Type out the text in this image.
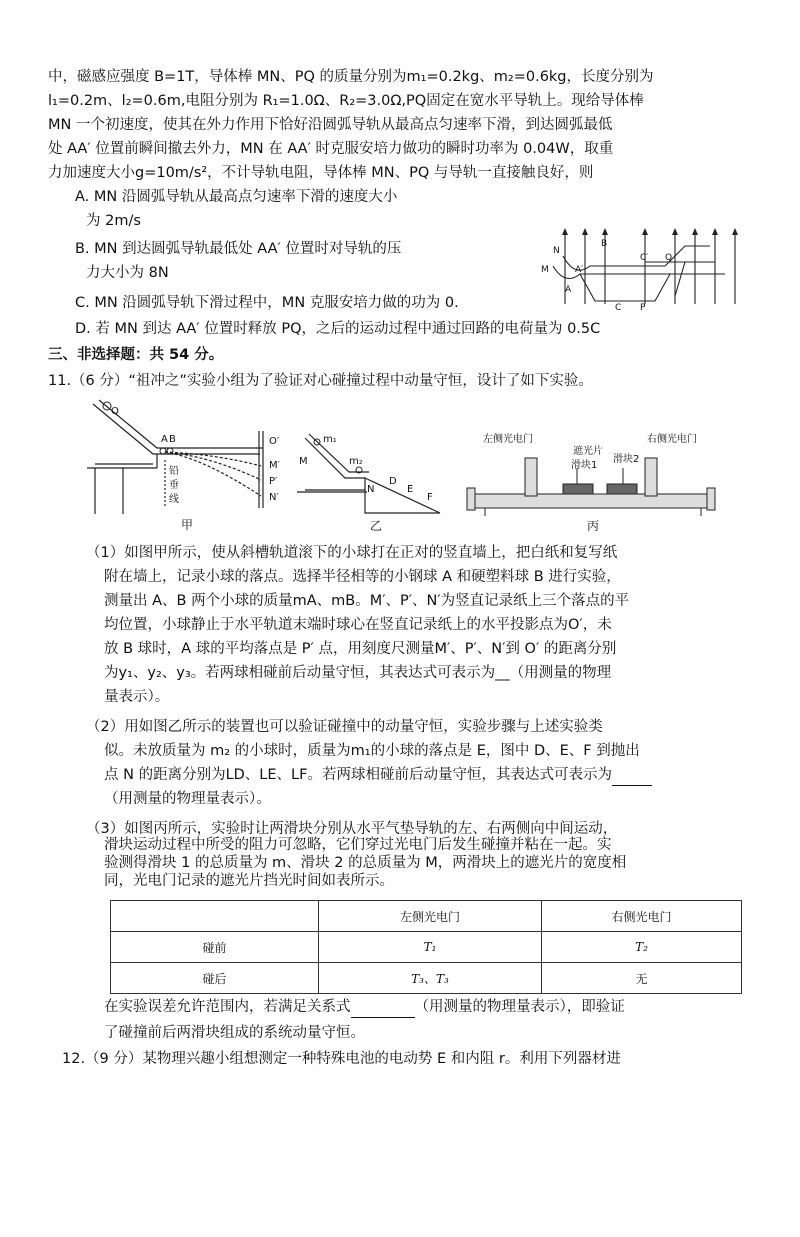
中，磁感应强度 B=1T，导体棒 MN、PQ 的质量分别为m₁=0.2kg、m₂=0.6kg，长度分别为
l₁=0.2m、l₂=0.6m,电阻分别为 R₁=1.0Ω、R₂=3.0Ω,PQ固定在宽水平导轨上。现给导体棒
MN 一个初速度，使其在外力作用下恰好沿圆弧导轨从最高点匀速率下滑，到达圆弧最低
处 AA′ 位置前瞬间撤去外力，MN 在 AA′ 时克服安培力做功的瞬时功率为 0.04W，取重
力加速度大小g=10m/s²，不计导轨电阻，导体棒 MN、PQ 与导轨一直接触良好，则
A. MN 沿圆弧导轨从最高点匀速率下滑的速度大小
为 2m/s
B. MN 到达圆弧导轨最低处 AA′ 位置时对导轨的压
力大小为 8N
C. MN 沿圆弧导轨下滑过程中，MN 克服安培力做的功为 0.
D. 若 MN 到达 AA′ 位置时释放 PQ，之后的运动过程中通过回路的电荷量为 0.5C
N
B
M	A′
A
C′ Q
C P
三、非选择题：共 54 分。
11.（6 分）“祖冲之”实验小组为了验证对心碰撞过程中动量守恒，设计了如下实验。
Q
A B	O′
M′
P′
N′
铅
垂
线
甲
m₁
M	m₂
N
D
E
F
乙
左侧光电门
遮光片
右侧光电门
滑块1
滑块2
丙
（1）如图甲所示，使从斜槽轨道滚下的小球打在正对的竖直墙上，把白纸和复写纸
附在墙上，记录小球的落点。选择半径相等的小钢球 A 和硬塑料球 B 进行实验，
测量出 A、B 两个小球的质量mA、mB。M′、P′、N′为竖直记录纸上三个落点的平
均位置，小球静止于水平轨道末端时球心在竖直记录纸上的水平投影点为O′，未
放 B 球时，A 球的平均落点是 P′ 点，用刻度尺测量M′、P′、N′到 O′ 的距离分别
为y₁、y₂、y₃。若两球相碰前后动量守恒，其表达式可表示为__（用测量的物理
量表示）。
（2）用如图乙所示的装置也可以验证碰撞中的动量守恒，实验步骤与上述实验类
似。未放质量为 m₂ 的小球时，质量为m₁的小球的落点是 E，图中 D、E、F 到抛出
点 N 的距离分别为LD、LE、LF。若两球相碰前后动量守恒，其表达式可表示为
（用测量的物理量表示）。
（3）如图丙所示，实验时让两滑块分别从水平气垫导轨的左、右两侧向中间运动，
滑块运动过程中所受的阻力可忽略，它们穿过光电门后发生碰撞并粘在一起。实
验测得滑块 1 的总质量为 m、滑块 2 的总质量为 M，两滑块上的遮光片的宽度相
同，光电门记录的遮光片挡光时间如表所示。
	左侧光电门	右侧光电门
碰前	T₁	T₂
碰后	T₃、T₃	无
在实验误差允许范围内，若满足关系式	（用测量的物理量表示），即验证
了碰撞前后两滑块组成的系统动量守恒。
12.（9 分）某物理兴趣小组想测定一种特殊电池的电动势 E 和内阻 r。利用下列器材进
